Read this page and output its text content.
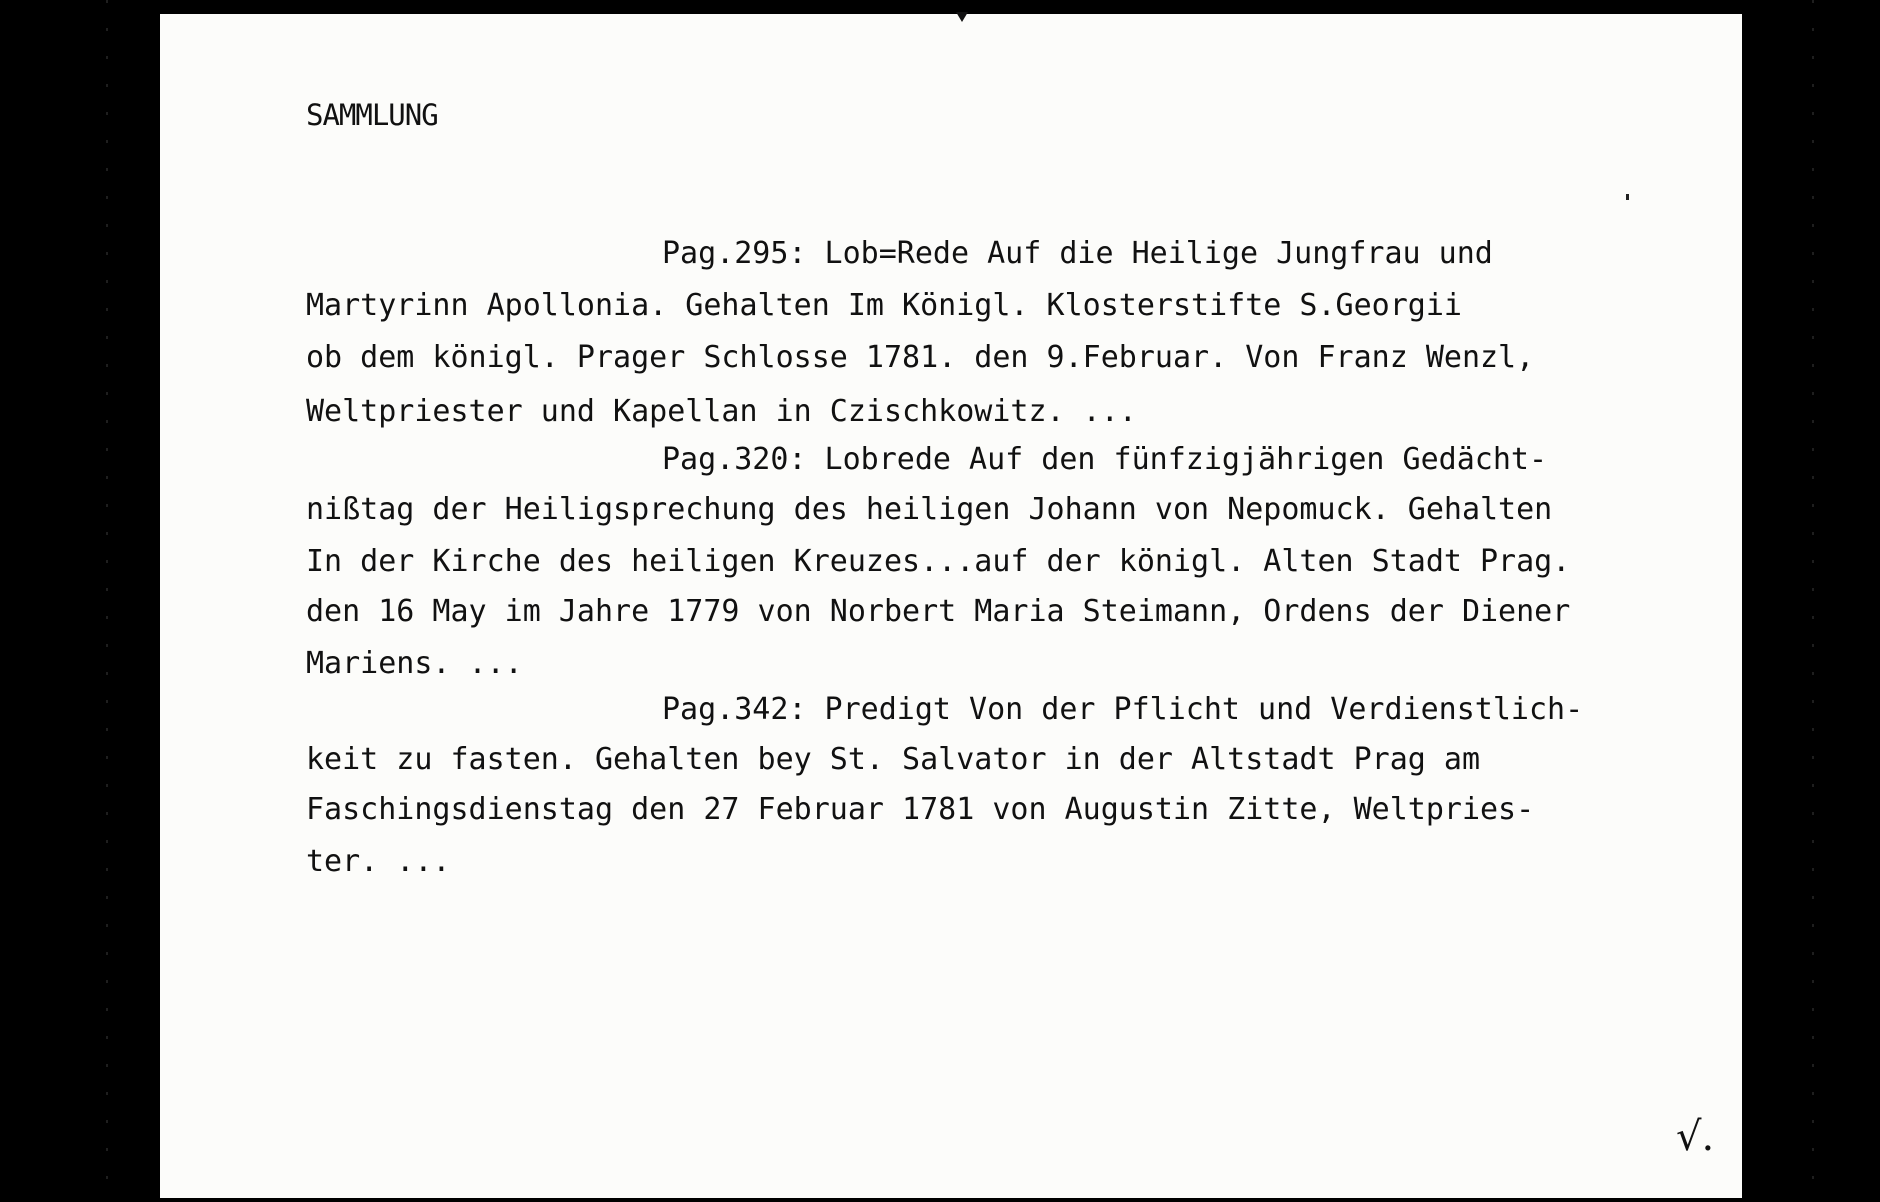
SAMMLUNG
Pag.295: Lob=Rede Auf die Heilige Jungfrau und
Martyrinn Apollonia. Gehalten Im Königl. Klosterstifte S.Georgii
ob dem königl. Prager Schlosse 1781. den 9.Februar. Von Franz Wenzl,
Weltpriester und Kapellan in Czischkowitz. ...
Pag.320: Lobrede Auf den fünfzigjährigen Gedächt-
nißtag der Heiligsprechung des heiligen Johann von Nepomuck. Gehalten
In der Kirche des heiligen Kreuzes...auf der königl. Alten Stadt Prag.
den 16 May im Jahre 1779 von Norbert Maria Steimann, Ordens der Diener
Mariens. ...
Pag.342: Predigt Von der Pflicht und Verdienstlich-
keit zu fasten. Gehalten bey St. Salvator in der Altstadt Prag am
Faschingsdienstag den 27 Februar 1781 von Augustin Zitte, Weltpries-
ter. ...
√.
